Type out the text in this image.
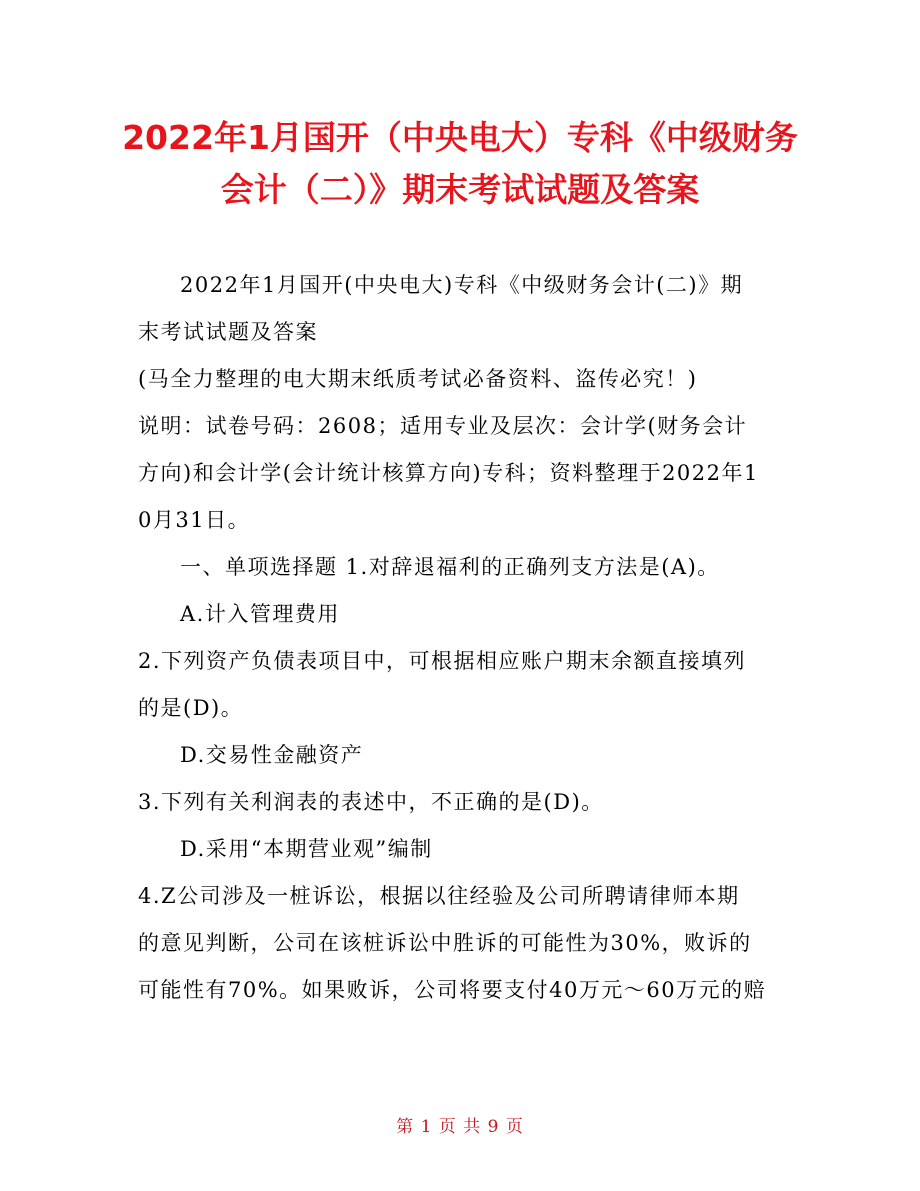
2022年1月国开（中央电大）专科《中级财务
会计（二）》期末考试试题及答案
2022年1月国开(中央电大)专科《中级财务会计(二)》期
末考试试题及答案
(马全力整理的电大期末纸质考试必备资料、盗传必究！)
说明：试卷号码：2608；适用专业及层次：会计学(财务会计
方向)和会计学(会计统计核算方向)专科；资料整理于2022年1
0月31日。
一、单项选择题 1.对辞退福利的正确列支方法是(A)。
A.计入管理费用
2.下列资产负债表项目中，可根据相应账户期末余额直接填列
的是(D)。
D.交易性金融资产
3.下列有关利润表的表述中，不正确的是(D)。
D.采用“本期营业观”编制
4.Z公司涉及一桩诉讼，根据以往经验及公司所聘请律师本期
的意见判断，公司在该桩诉讼中胜诉的可能性为30%，败诉的
可能性有70%。如果败诉，公司将要支付40万元～60万元的赔
第 1 页 共 9 页
